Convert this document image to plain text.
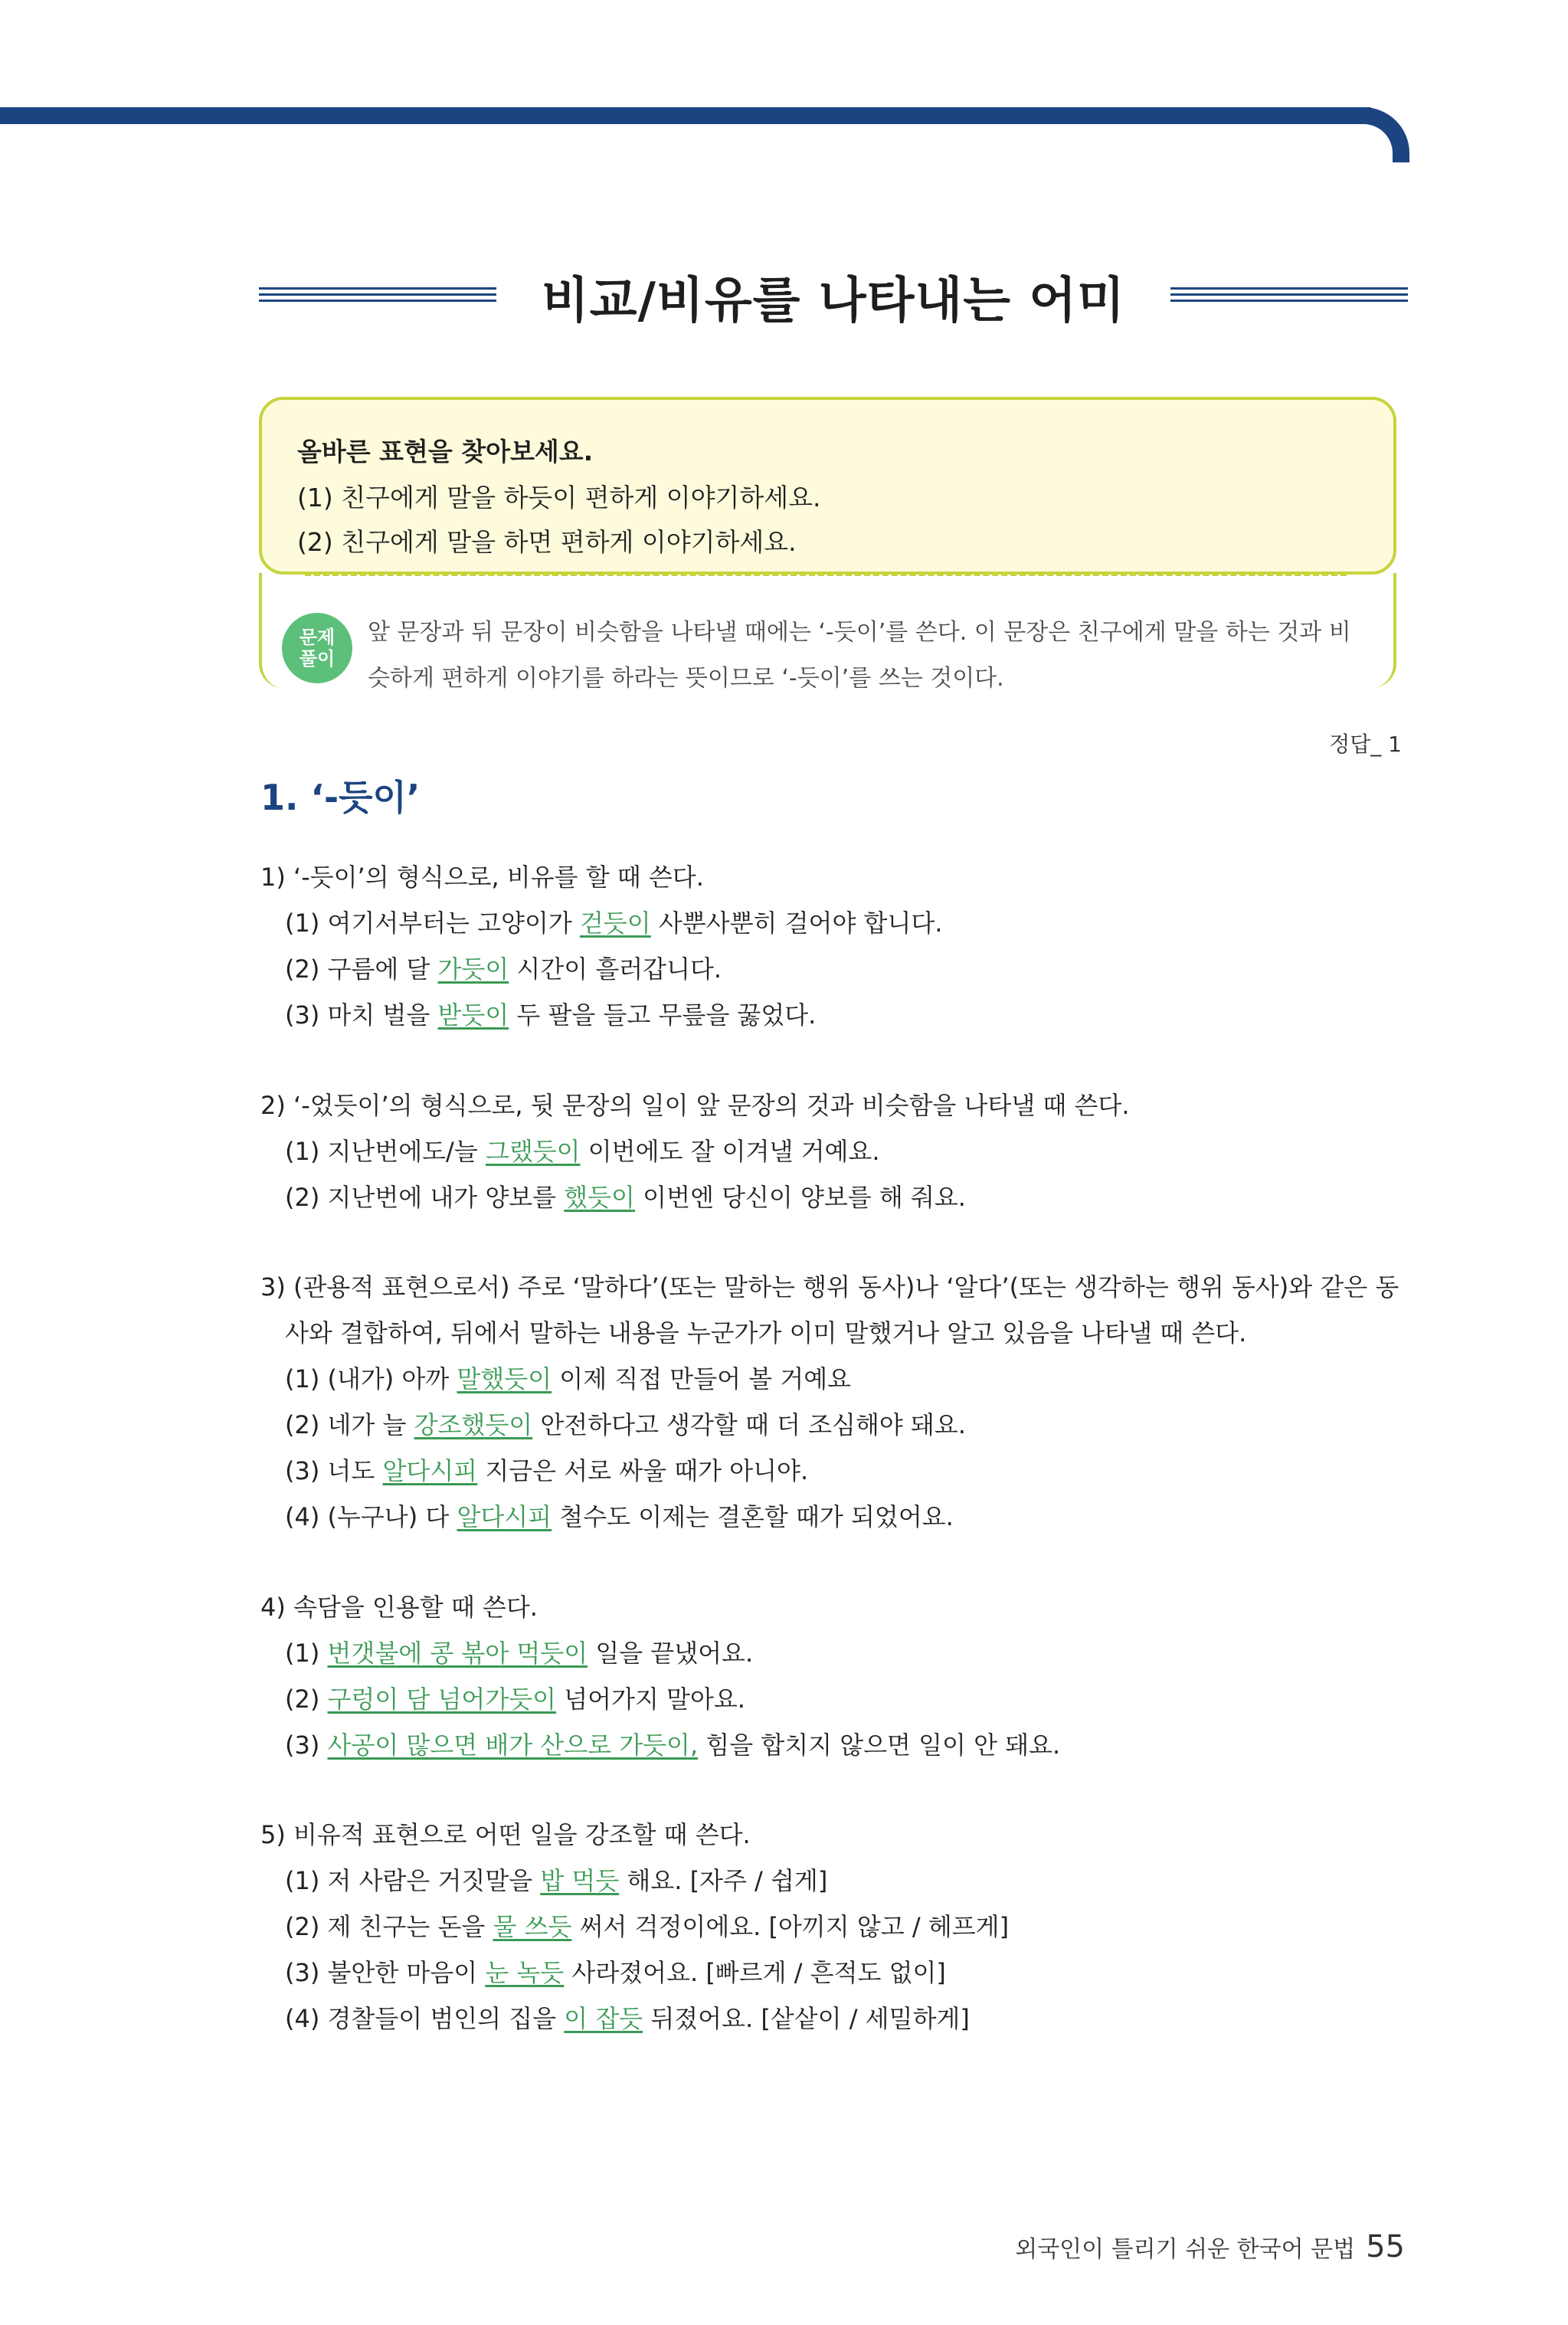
비교/비유를 나타내는 어미
올바른 표현을 찾아보세요.
(1) 친구에게 말을 하듯이 편하게 이야기하세요.
(2) 친구에게 말을 하면 편하게 이야기하세요.
문제
풀이
앞 문장과 뒤 문장이 비슷함을 나타낼 때에는 ‘-듯이’를 쓴다. 이 문장은 친구에게 말을 하는 것과 비
슷하게 편하게 이야기를 하라는 뜻이므로 ‘-듯이’를 쓰는 것이다.
정답_ 1
1. ‘-듯이’
1) ‘-듯이’의 형식으로, 비유를 할 때 쓴다.
(1) 여기서부터는 고양이가 걷듯이 사뿐사뿐히 걸어야 합니다.
(2) 구름에 달 가듯이 시간이 흘러갑니다.
(3) 마치 벌을 받듯이 두 팔을 들고 무릎을 꿇었다.
2) ‘-었듯이’의 형식으로, 뒷 문장의 일이 앞 문장의 것과 비슷함을 나타낼 때 쓴다.
(1) 지난번에도/늘 그랬듯이 이번에도 잘 이겨낼 거예요.
(2) 지난번에 내가 양보를 했듯이 이번엔 당신이 양보를 해 줘요.
3) (관용적 표현으로서) 주로 ‘말하다’(또는 말하는 행위 동사)나 ‘알다’(또는 생각하는 행위 동사)와 같은 동
사와 결합하여, 뒤에서 말하는 내용을 누군가가 이미 말했거나 알고 있음을 나타낼 때 쓴다.
(1) (내가) 아까 말했듯이 이제 직접 만들어 볼 거예요
(2) 네가 늘 강조했듯이 안전하다고 생각할 때 더 조심해야 돼요.
(3) 너도 알다시피 지금은 서로 싸울 때가 아니야.
(4) (누구나) 다 알다시피 철수도 이제는 결혼할 때가 되었어요.
4) 속담을 인용할 때 쓴다.
(1) 번갯불에 콩 볶아 먹듯이 일을 끝냈어요.
(2) 구렁이 담 넘어가듯이 넘어가지 말아요.
(3) 사공이 많으면 배가 산으로 가듯이, 힘을 합치지 않으면 일이 안 돼요.
5) 비유적 표현으로 어떤 일을 강조할 때 쓴다.
(1) 저 사람은 거짓말을 밥 먹듯 해요. [자주 / 쉽게]
(2) 제 친구는 돈을 물 쓰듯 써서 걱정이에요. [아끼지 않고 / 헤프게]
(3) 불안한 마음이 눈 녹듯 사라졌어요. [빠르게 / 흔적도 없이]
(4) 경찰들이 범인의 집을 이 잡듯 뒤졌어요. [샅샅이 / 세밀하게]
외국인이 틀리기 쉬운 한국어 문법 55
